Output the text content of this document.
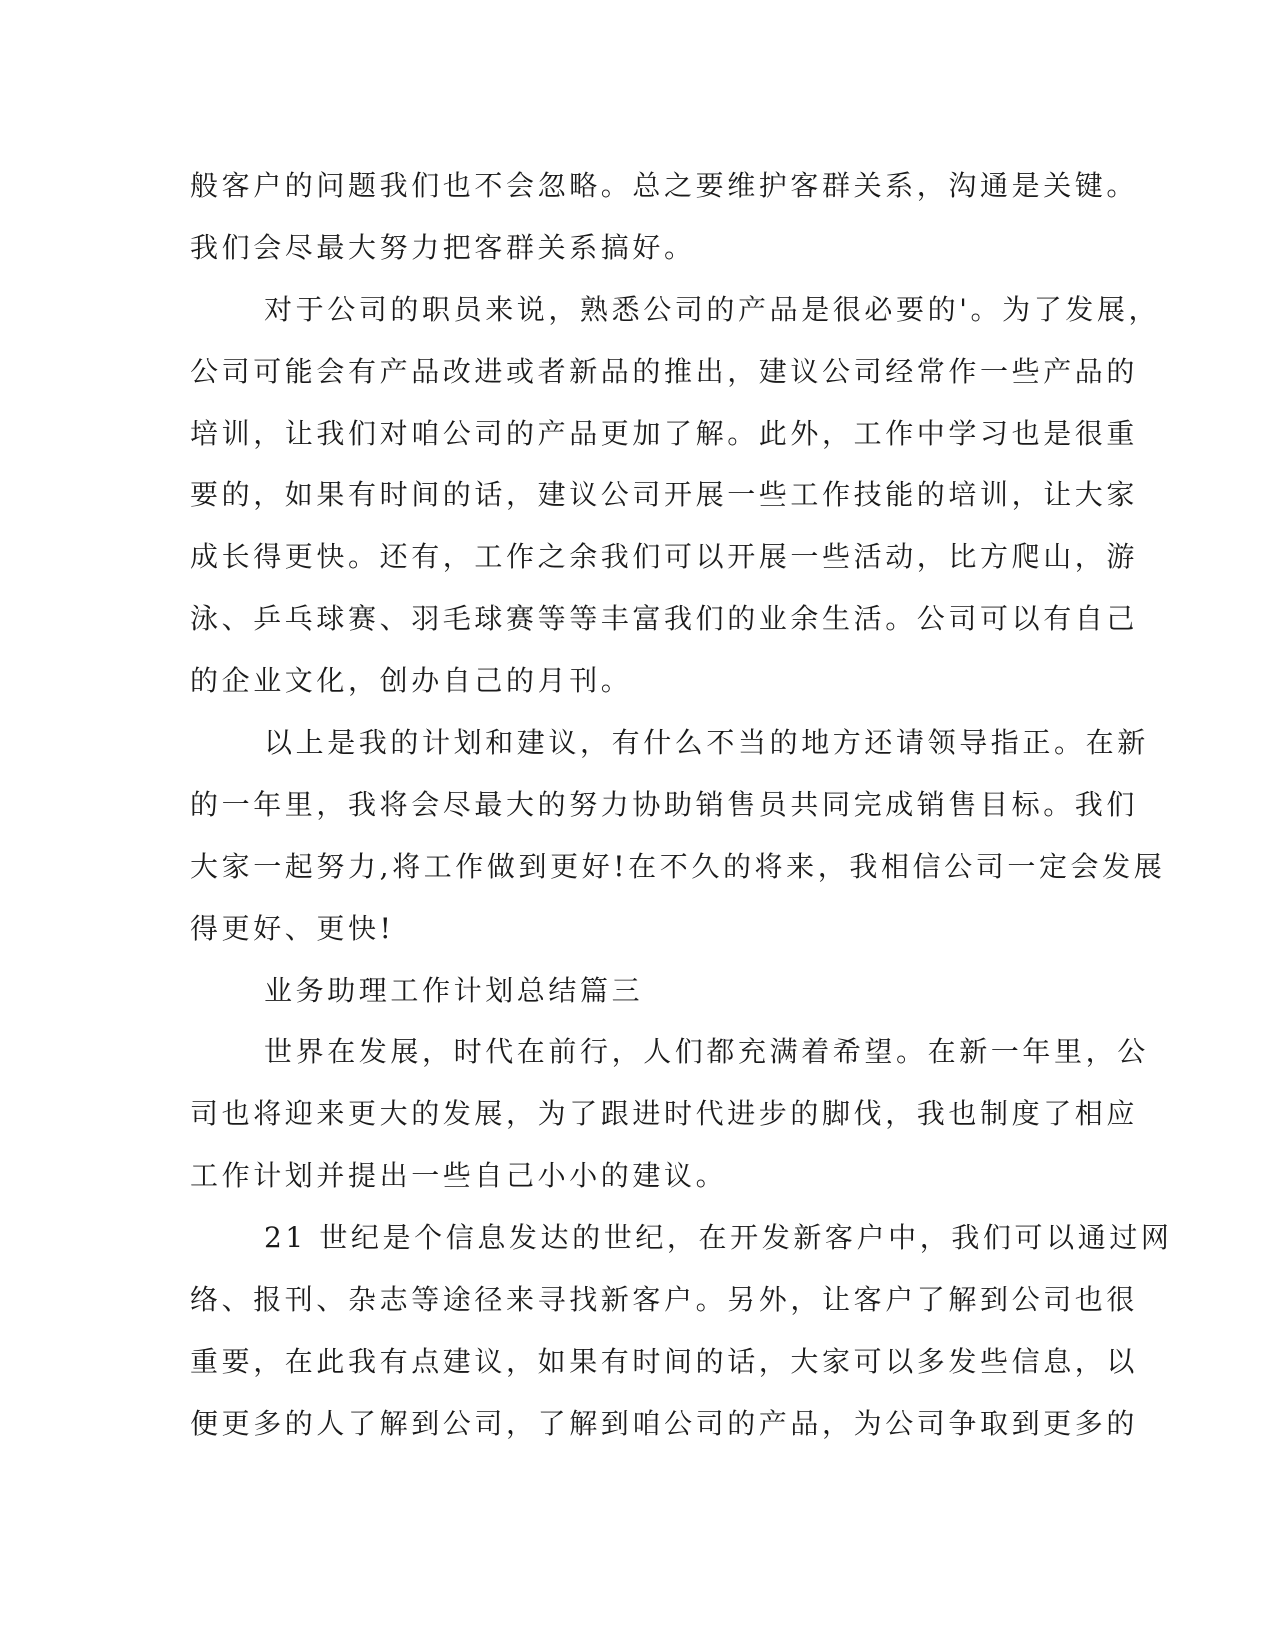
般客户的问题我们也不会忽略。总之要维护客群关系，沟通是关键。
我们会尽最大努力把客群关系搞好。
对于公司的职员来说，熟悉公司的产品是很必要的'。为了发展，
公司可能会有产品改进或者新品的推出，建议公司经常作一些产品的
培训，让我们对咱公司的产品更加了解。此外，工作中学习也是很重
要的，如果有时间的话，建议公司开展一些工作技能的培训，让大家
成长得更快。还有，工作之余我们可以开展一些活动，比方爬山，游
泳、乒乓球赛、羽毛球赛等等丰富我们的业余生活。公司可以有自己
的企业文化，创办自己的月刊。
以上是我的计划和建议，有什么不当的地方还请领导指正。在新
的一年里，我将会尽最大的努力协助销售员共同完成销售目标。我们
大家一起努力,将工作做到更好!在不久的将来，我相信公司一定会发展
得更好、更快!
业务助理工作计划总结篇三
世界在发展，时代在前行，人们都充满着希望。在新一年里，公
司也将迎来更大的发展，为了跟进时代进步的脚伐，我也制度了相应
工作计划并提出一些自己小小的建议。
21 世纪是个信息发达的世纪，在开发新客户中，我们可以通过网
络、报刊、杂志等途径来寻找新客户。另外，让客户了解到公司也很
重要，在此我有点建议，如果有时间的话，大家可以多发些信息，以
便更多的人了解到公司，了解到咱公司的产品，为公司争取到更多的
